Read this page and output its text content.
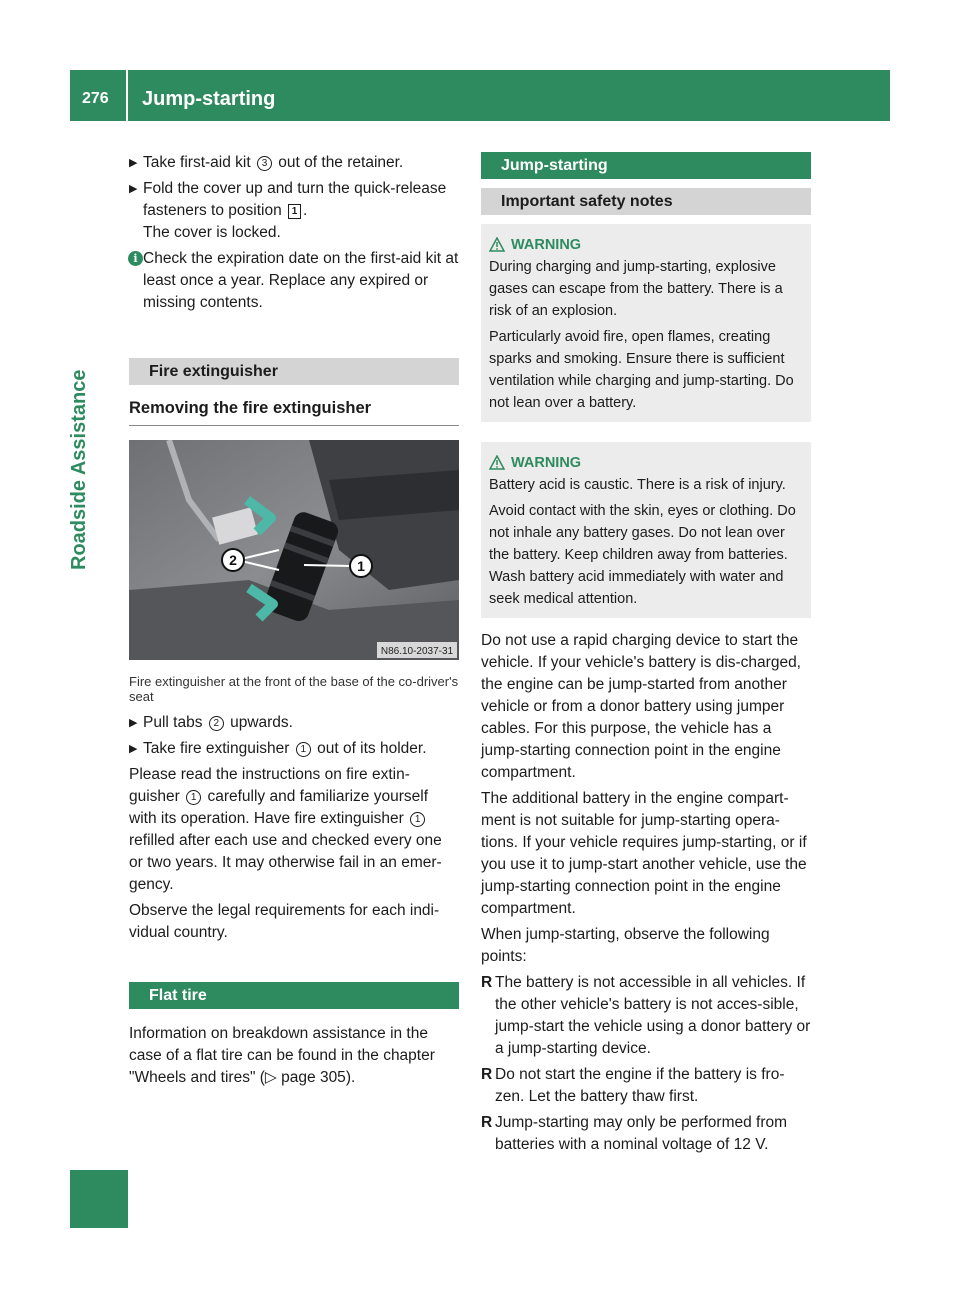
276 Jump-starting
Roadside Assistance
▶ Take first-aid kit 3 out of the retainer.
▶ Fold the cover up and turn the quick-release fasteners to position 1 .
The cover is locked.
i Check the expiration date on the first-aid kit at least once a year. Replace any expired or missing contents.
Fire extinguisher
Removing the fire extinguisher
2	1
N86.10-2037-31
Fire extinguisher at the front of the base of the co-driver's seat
▶ Pull tabs 2 upwards.
▶ Take fire extinguisher 1 out of its holder.

Please read the instructions on fire extin-guisher 1 carefully and familiarize yourself with its operation. Have fire extinguisher 1 refilled after each use and checked every one or two years. It may otherwise fail in an emer-gency.

Observe the legal requirements for each indi-vidual country.

Flat tire

Information on breakdown assistance in the case of a flat tire can be found in the chapter "Wheels and tires" (▷ page 305).

Jump-starting
Important safety notes
WARNING

During charging and jump-starting, explosive gases can escape from the battery. There is a risk of an explosion.

Particularly avoid fire, open flames, creating sparks and smoking. Ensure there is sufficient ventilation while charging and jump-starting. Do not lean over a battery.

WARNING

Battery acid is caustic. There is a risk of injury.

Avoid contact with the skin, eyes or clothing. Do not inhale any battery gases. Do not lean over the battery. Keep children away from batteries. Wash battery acid immediately with water and seek medical attention.

Do not use a rapid charging device to start the vehicle. If your vehicle's battery is dis-charged, the engine can be jump-started from another vehicle or from a donor battery using jumper cables. For this purpose, the vehicle has a jump-starting connection point in the engine compartment.

The additional battery in the engine compart-ment is not suitable for jump-starting opera-tions. If your vehicle requires jump-starting, or if you use it to jump-start another vehicle, use the jump-starting connection point in the engine compartment.

When jump-starting, observe the following points:

R The battery is not accessible in all vehicles. If the other vehicle's battery is not acces-sible, jump-start the vehicle using a donor battery or a jump-starting device.
R Do not start the engine if the battery is fro-zen. Let the battery thaw first.
R Jump-starting may only be performed from batteries with a nominal voltage of 12 V.
